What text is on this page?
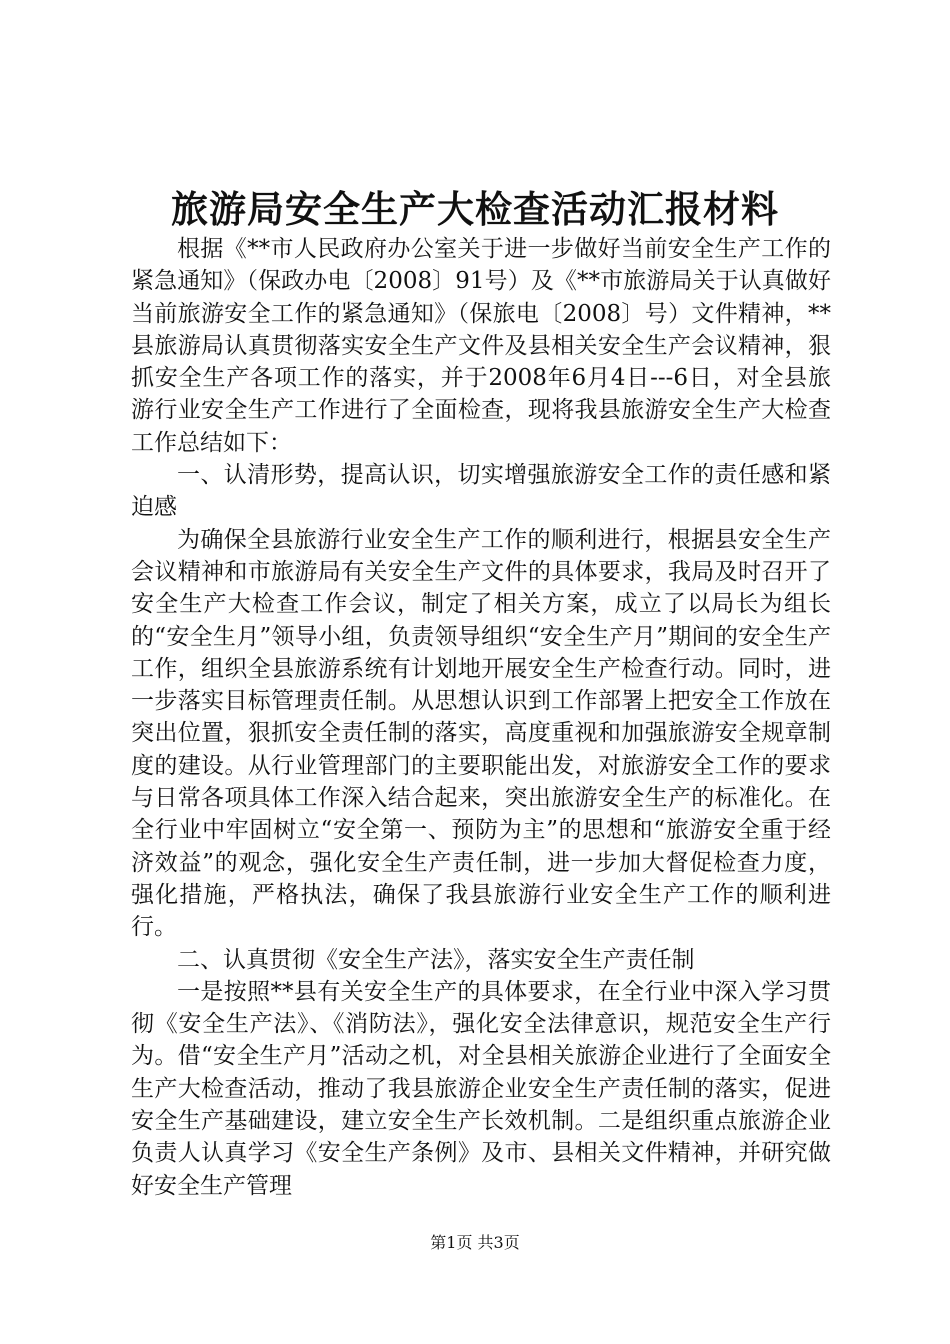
旅游局安全生产大检查活动汇报材料

根据《**市人民政府办公室关于进一步做好当前安全生产工作的紧急通知》（保政办电〔2008〕91号）及《**市旅游局关于认真做好当前旅游安全工作的紧急通知》（保旅电〔2008〕号）文件精神，**县旅游局认真贯彻落实安全生产文件及县相关安全生产会议精神，狠抓安全生产各项工作的落实，并于2008年6月4日---6日，对全县旅游行业安全生产工作进行了全面检查，现将我县旅游安全生产大检查工作总结如下：

一、认清形势，提高认识，切实增强旅游安全工作的责任感和紧迫感

为确保全县旅游行业安全生产工作的顺利进行，根据县安全生产会议精神和市旅游局有关安全生产文件的具体要求，我局及时召开了安全生产大检查工作会议，制定了相关方案，成立了以局长为组长的“安全生月”领导小组，负责领导组织“安全生产月”期间的安全生产工作，组织全县旅游系统有计划地开展安全生产检查行动。同时，进一步落实目标管理责任制。从思想认识到工作部署上把安全工作放在突出位置，狠抓安全责任制的落实，高度重视和加强旅游安全规章制度的建设。从行业管理部门的主要职能出发，对旅游安全工作的要求与日常各项具体工作深入结合起来，突出旅游安全生产的标准化。在全行业中牢固树立“安全第一、预防为主”的思想和“旅游安全重于经济效益”的观念，强化安全生产责任制，进一步加大督促检查力度，强化措施，严格执法，确保了我县旅游行业安全生产工作的顺利进行。

二、认真贯彻《安全生产法》，落实安全生产责任制

一是按照**县有关安全生产的具体要求，在全行业中深入学习贯彻《安全生产法》、《消防法》，强化安全法律意识，规范安全生产行为。借“安全生产月”活动之机，对全县相关旅游企业进行了全面安全生产大检查活动，推动了我县旅游企业安全生产责任制的落实，促进安全生产基础建设，建立安全生产长效机制。二是组织重点旅游企业负责人认真学习《安全生产条例》及市、县相关文件精神，并研究做好安全生产管理

第1页 共3页
